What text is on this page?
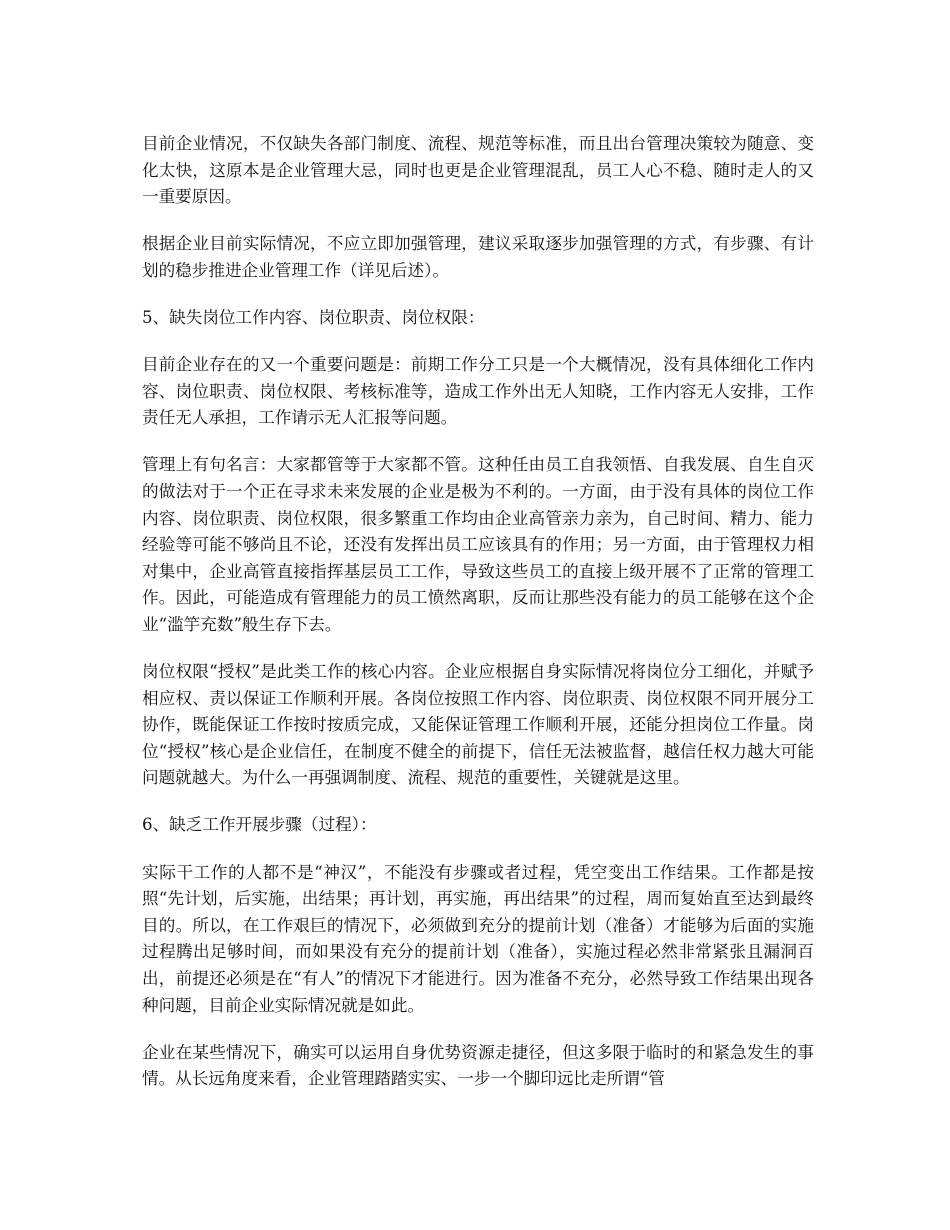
目前企业情况，不仅缺失各部门制度、流程、规范等标准，而且出台管理决策较为随意、变化太快，这原本是企业管理大忌，同时也更是企业管理混乱，员工人心不稳、随时走人的又一重要原因。

根据企业目前实际情况，不应立即加强管理，建议采取逐步加强管理的方式，有步骤、有计划的稳步推进企业管理工作（详见后述）。

5、缺失岗位工作内容、岗位职责、岗位权限：

目前企业存在的又一个重要问题是：前期工作分工只是一个大概情况，没有具体细化工作内容、岗位职责、岗位权限、考核标准等，造成工作外出无人知晓，工作内容无人安排，工作责任无人承担，工作请示无人汇报等问题。

管理上有句名言：大家都管等于大家都不管。这种任由员工自我领悟、自我发展、自生自灭的做法对于一个正在寻求未来发展的企业是极为不利的。一方面，由于没有具体的岗位工作内容、岗位职责、岗位权限，很多繁重工作均由企业高管亲力亲为，自己时间、精力、能力经验等可能不够尚且不论，还没有发挥出员工应该具有的作用；另一方面，由于管理权力相对集中，企业高管直接指挥基层员工工作，导致这些员工的直接上级开展不了正常的管理工作。因此，可能造成有管理能力的员工愤然离职，反而让那些没有能力的员工能够在这个企业“滥竽充数”般生存下去。

岗位权限“授权”是此类工作的核心内容。企业应根据自身实际情况将岗位分工细化，并赋予相应权、责以保证工作顺利开展。各岗位按照工作内容、岗位职责、岗位权限不同开展分工协作，既能保证工作按时按质完成，又能保证管理工作顺利开展，还能分担岗位工作量。岗位“授权”核心是企业信任，在制度不健全的前提下，信任无法被监督，越信任权力越大可能问题就越大。为什么一再强调制度、流程、规范的重要性，关键就是这里。

6、缺乏工作开展步骤（过程）：

实际干工作的人都不是“神汉”，不能没有步骤或者过程，凭空变出工作结果。工作都是按照“先计划，后实施，出结果；再计划，再实施，再出结果”的过程，周而复始直至达到最终目的。所以，在工作艰巨的情况下，必须做到充分的提前计划（准备）才能够为后面的实施过程腾出足够时间，而如果没有充分的提前计划（准备），实施过程必然非常紧张且漏洞百出，前提还必须是在“有人”的情况下才能进行。因为准备不充分，必然导致工作结果出现各种问题，目前企业实际情况就是如此。

企业在某些情况下，确实可以运用自身优势资源走捷径，但这多限于临时的和紧急发生的事情。从长远角度来看，企业管理踏踏实实、一步一个脚印远比走所谓“管
